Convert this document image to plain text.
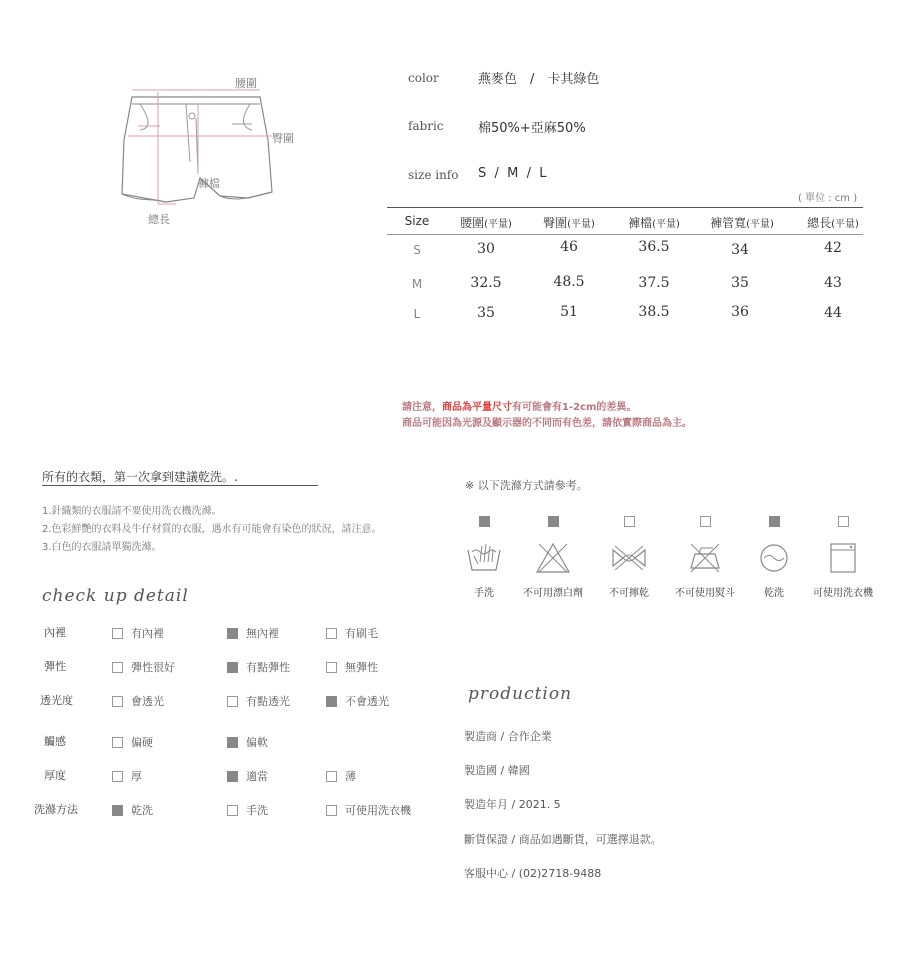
腰圍
臀圍
褲檔
總長
color	燕麥色　/　卡其綠色
fabric	棉50%+亞麻50%
size info S  /  M  /  L
( 單位 : cm )
Size	腰圍(平量)	臀圍(平量)	褲檔(平量)	褲管寬(平量)	總長(平量)
S	30	46	36.5	34	42
M	32.5	48.5	37.5	35	43
L	35	51	38.5	36	44
請注意，商品為平量尺寸有可能會有1-2cm的差異。
商品可能因為光源及顯示器的不同而有色差，請依實際商品為主。
所有的衣類，第一次拿到建議乾洗。.
1.針織類的衣服請不要使用洗衣機洗滌。
2.色彩鮮艷的衣料及牛仔材質的衣服，遇水有可能會有染色的狀況，請注意。
3.白色的衣服請單獨洗滌。
check up detail
內裡	有內裡	無內裡	有刷毛
彈性	彈性很好	有點彈性	無彈性
透光度	會透光	有點透光	不會透光
觸感	偏硬	偏軟
厚度	厚	適當	薄
洗滌方法	乾洗	手洗	可使用洗衣機
※ 以下洗滌方式請參考。
手洗	不可用漂白劑	不可擰乾	不可使用熨斗	乾洗	可使用洗衣機
production
製造商 / 合作企業
製造國 / 韓國
製造年月 / 2021. 5
斷貨保證 / 商品如遇斷貨，可選擇退款。
客服中心 / (02)2718-9488
